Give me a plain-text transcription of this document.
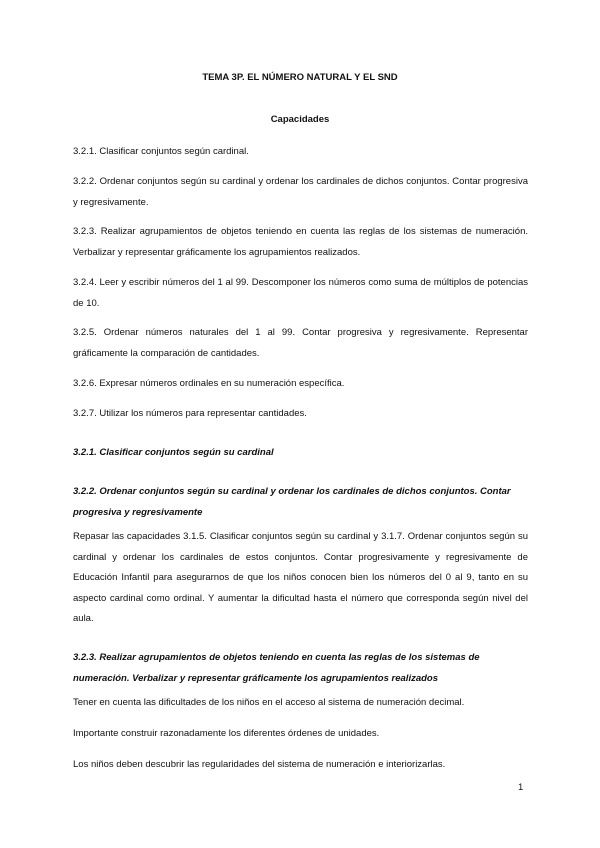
TEMA 3P. EL NÚMERO NATURAL Y EL SND
Capacidades

3.2.1. Clasificar conjuntos según cardinal.

3.2.2. Ordenar conjuntos según su cardinal y ordenar los cardinales de dichos conjuntos. Contar progresiva y regresivamente.

3.2.3. Realizar agrupamientos de objetos teniendo en cuenta las reglas de los sistemas de numeración. Verbalizar y representar gráficamente los agrupamientos realizados.

3.2.4. Leer y escribir números del 1 al 99. Descomponer los números como suma de múltiplos de potencias de 10.

3.2.5. Ordenar números naturales del 1 al 99. Contar progresiva y regresivamente. Representar gráficamente la comparación de cantidades.

3.2.6. Expresar números ordinales en su numeración específica.

3.2.7. Utilizar los números para representar cantidades.

3.2.1. Clasificar conjuntos según su cardinal

3.2.2. Ordenar conjuntos según su cardinal y ordenar los cardinales de dichos conjuntos. Contar progresiva y regresivamente

Repasar las capacidades 3.1.5. Clasificar conjuntos según su cardinal y 3.1.7. Ordenar conjuntos según su cardinal y ordenar los cardinales de estos conjuntos. Contar progresivamente y regresivamente de Educación Infantil para asegurarnos de que los niños conocen bien los números del 0 al 9, tanto en su aspecto cardinal como ordinal. Y aumentar la dificultad hasta el número que corresponda según nivel del aula.

3.2.3. Realizar agrupamientos de objetos teniendo en cuenta las reglas de los sistemas de numeración. Verbalizar y representar gráficamente los agrupamientos realizados

Tener en cuenta las dificultades de los niños en el acceso al sistema de numeración decimal.

Importante construir razonadamente los diferentes órdenes de unidades.

Los niños deben descubrir las regularidades del sistema de numeración e interiorizarlas.

1
